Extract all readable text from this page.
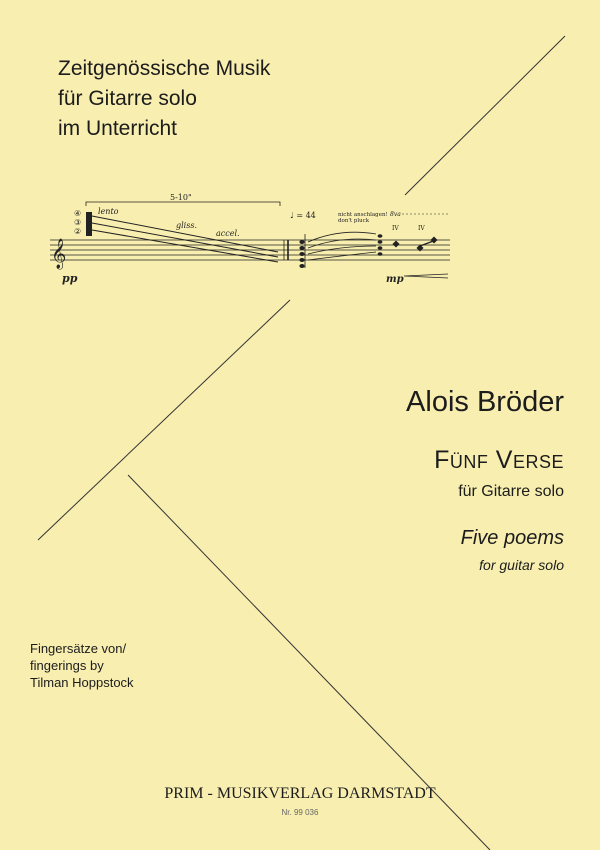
Zeitgenössische Musik
für Gitarre solo
im Unterricht
𝄞
④
③
②
5-10"
lento
gliss.
accel.
♩ = 44	nicht anschlagen!
don't pluck
8va
IV	IV
pp	mp
Alois Bröder
Fünf Verse
für Gitarre solo
Five poems
for guitar solo
Fingersätze von/
fingerings by
Tilman Hoppstock
PRIM - MUSIKVERLAG DARMSTADT
Nr. 99 036
